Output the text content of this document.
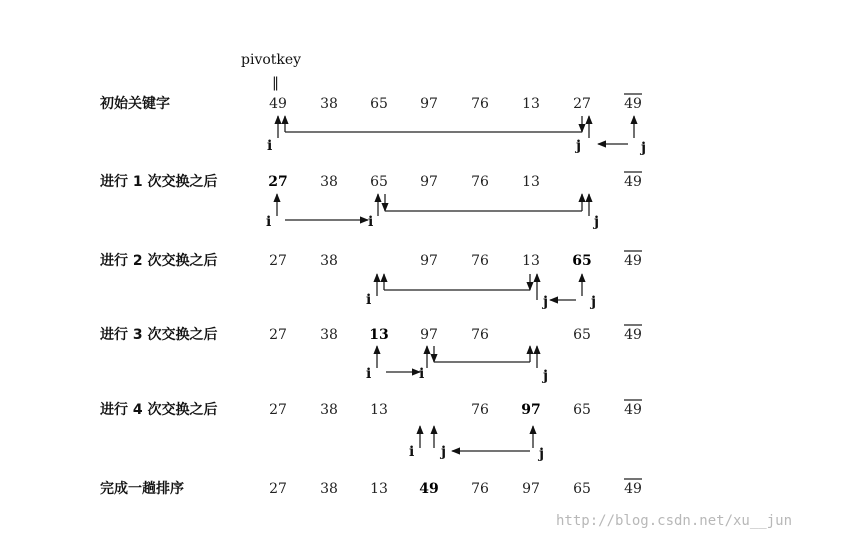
pivotkey
‖
初始关键字	49 38 65 97 76 13 27 49
进行 1 次交换之后	27 38 65 97 76 13	49
进行 2 次交换之后	27 38	97 76 13 65 49
进行 3 次交换之后	27 38 13 97 76	65 49
进行 4 次交换之后	27 38 13	76 97 65 49
完成一趟排序	27 38 13 49 76 97 65 49
i	j	j
i	i	j
i	j	j
i	i	j
i j	j
http://blog.csdn.net/xu__jun
